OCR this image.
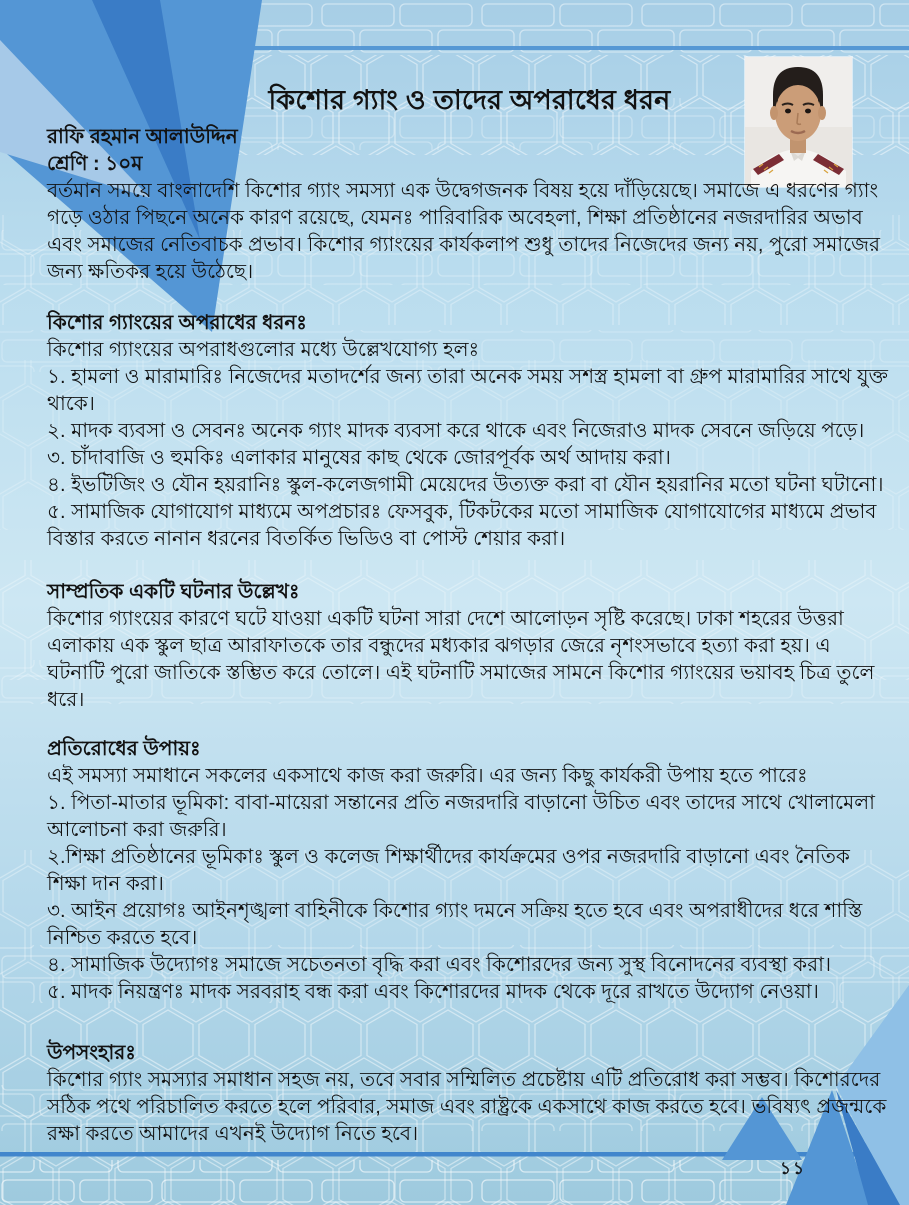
কিশোর গ্যাং ও তাদের অপরাধের ধরন
রাফি রহমান আলাউদ্দিন
শ্রেণি : ১০ম

বর্তমান সময়ে বাংলাদেশি কিশোর গ্যাং সমস্যা এক উদ্বেগজনক বিষয় হয়ে দাঁড়িয়েছে। সমাজে এ ধরণের গ্যাং গড়ে ওঠার পিছনে অনেক কারণ রয়েছে, যেমনঃ পারিবারিক অবেহলা, শিক্ষা প্রতিষ্ঠানের নজরদারির অভাব এবং সমাজের নেতিবাচক প্রভাব। কিশোর গ্যাংয়ের কার্যকলাপ শুধু তাদের নিজেদের জন্য নয়, পুরো সমাজের জন্য ক্ষতিকর হয়ে উঠেছে।

কিশোর গ্যাংয়ের অপরাধের ধরনঃ
কিশোর গ্যাংয়ের অপরাধগুলোর মধ্যে উল্লেখযোগ্য হলঃ
১. হামলা ও মারামারিঃ নিজেদের মতাদর্শের জন্য তারা অনেক সময় সশস্ত্র হামলা বা গ্রুপ মারামারির সাথে যুক্ত থাকে।
২. মাদক ব্যবসা ও সেবনঃ অনেক গ্যাং মাদক ব্যবসা করে থাকে এবং নিজেরাও মাদক সেবনে জড়িয়ে পড়ে।
৩. চাঁদাবাজি ও হুমকিঃ এলাকার মানুষের কাছ থেকে জোরপূর্বক অর্থ আদায় করা।
৪. ইভটিজিং ও যৌন হয়রানিঃ স্কুল-কলেজগামী মেয়েদের উত্যক্ত করা বা যৌন হয়রানির মতো ঘটনা ঘটানো।
৫. সামাজিক যোগাযোগ মাধ্যমে অপপ্রচারঃ ফেসবুক, টিকটকের মতো সামাজিক যোগাযোগের মাধ্যমে প্রভাব বিস্তার করতে নানান ধরনের বিতর্কিত ভিডিও বা পোস্ট শেয়ার করা।
সাম্প্রতিক একটি ঘটনার উল্লেখঃ

কিশোর গ্যাংয়ের কারণে ঘটে যাওয়া একটি ঘটনা সারা দেশে আলোড়ন সৃষ্টি করেছে। ঢাকা শহরের উত্তরা এলাকায় এক স্কুল ছাত্র আরাফাতকে তার বন্ধুদের মধ্যকার ঝগড়ার জেরে নৃশংসভাবে হত্যা করা হয়। এ ঘটনাটি পুরো জাতিকে স্তম্ভিত করে তোলে। এই ঘটনাটি সমাজের সামনে কিশোর গ্যাংয়ের ভয়াবহ চিত্র তুলে ধরে।

প্রতিরোধের উপায়ঃ
এই সমস্যা সমাধানে সকলের একসাথে কাজ করা জরুরি। এর জন্য কিছু কার্যকরী উপায় হতে পারেঃ
১. পিতা-মাতার ভূমিকা: বাবা-মায়েরা সন্তানের প্রতি নজরদারি বাড়ানো উচিত এবং তাদের সাথে খোলামেলা আলোচনা করা জরুরি।
২.শিক্ষা প্রতিষ্ঠানের ভূমিকাঃ স্কুল ও কলেজ শিক্ষার্থীদের কার্যক্রমের ওপর নজরদারি বাড়ানো এবং নৈতিক শিক্ষা দান করা।
৩. আইন প্রয়োগঃ আইনশৃঙ্খলা বাহিনীকে কিশোর গ্যাং দমনে সক্রিয় হতে হবে এবং অপরাধীদের ধরে শাস্তি নিশ্চিত করতে হবে।
৪. সামাজিক উদ্যোগঃ সমাজে সচেতনতা বৃদ্ধি করা এবং কিশোরদের জন্য সুস্থ বিনোদনের ব্যবস্থা করা।
৫. মাদক নিয়ন্ত্রণঃ মাদক সরবরাহ বন্ধ করা এবং কিশোরদের মাদক থেকে দূরে রাখতে উদ্যোগ নেওয়া।
উপসংহারঃ

কিশোর গ্যাং সমস্যার সমাধান সহজ নয়, তবে সবার সম্মিলিত প্রচেষ্টায় এটি প্রতিরোধ করা সম্ভব। কিশোরদের সঠিক পথে পরিচালিত করতে হলে পরিবার, সমাজ এবং রাষ্ট্রকে একসাথে কাজ করতে হবে। ভবিষ্যৎ প্রজন্মকে রক্ষা করতে আমাদের এখনই উদ্যোগ নিতে হবে।

১১
